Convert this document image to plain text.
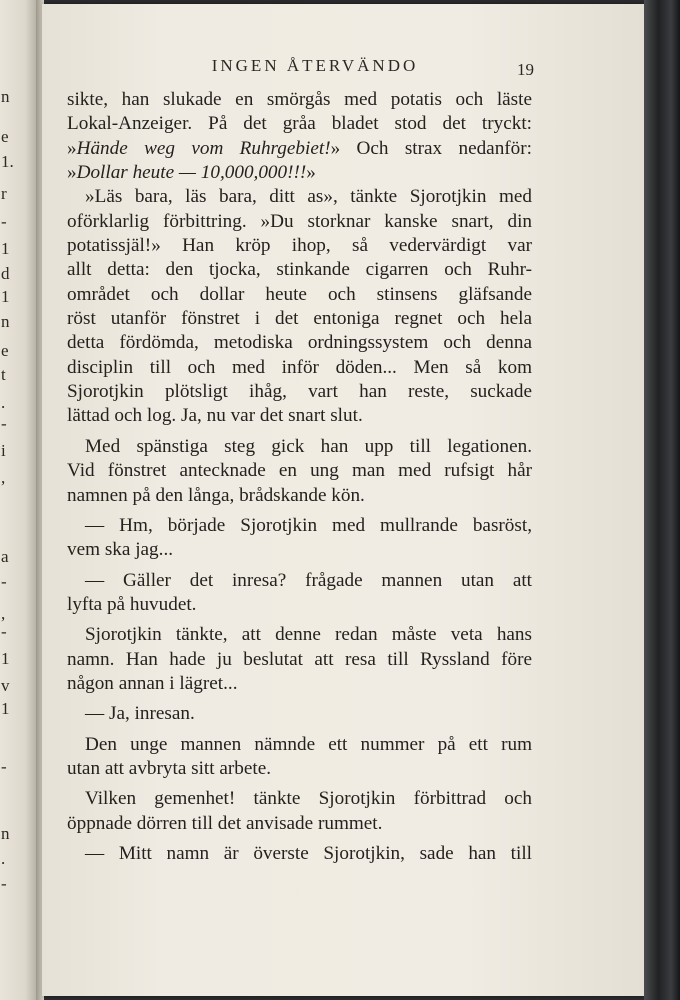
n
e
1.
r
-
1
d
1
n
e
t
.
-
i
,
a
-
,
-
1
v
1
-
n
.
-
INGEN ÅTERVÄNDO	19
sikte, han slukade en smörgås med potatis och läste
Lokal-Anzeiger. På det gråa bladet stod det tryckt:
»Hände weg vom Ruhrgebiet!» Och strax nedanför:
»Dollar heute — 10,000,000!!!»
»Läs bara, läs bara, ditt as», tänkte Sjorotjkin med
oförklarlig förbittring. »Du storknar kanske snart, din
potatissjäl!» Han kröp ihop, så vedervärdigt var
allt detta: den tjocka, stinkande cigarren och Ruhr-
området och dollar heute och stinsens gläfsande
röst utanför fönstret i det entoniga regnet och hela
detta fördömda, metodiska ordningssystem och denna
disciplin till och med inför döden... Men så kom
Sjorotjkin plötsligt ihåg, vart han reste, suckade
lättad och log. Ja, nu var det snart slut.
Med spänstiga steg gick han upp till legationen.
Vid fönstret antecknade en ung man med rufsigt hår
namnen på den långa, brådskande kön.
— Hm, började Sjorotjkin med mullrande basröst,
vem ska jag...
— Gäller det inresa? frågade mannen utan att
lyfta på huvudet.
Sjorotjkin tänkte, att denne redan måste veta hans
namn. Han hade ju beslutat att resa till Ryssland före
någon annan i lägret...
— Ja, inresan.
Den unge mannen nämnde ett nummer på ett rum
utan att avbryta sitt arbete.
Vilken gemenhet! tänkte Sjorotjkin förbittrad och
öppnade dörren till det anvisade rummet.
— Mitt namn är överste Sjorotjkin, sade han till
